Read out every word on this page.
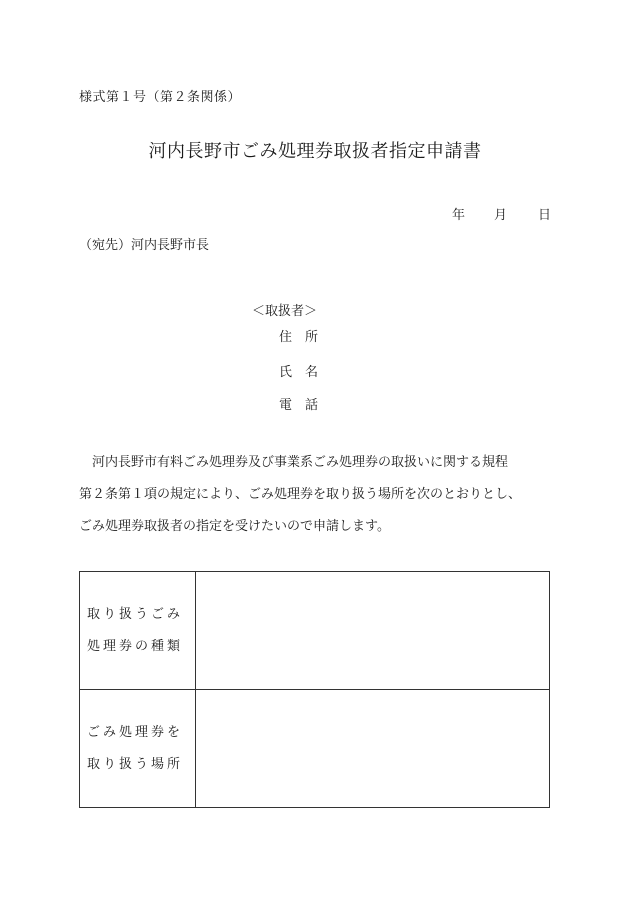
様式第１号（第２条関係）
河内長野市ごみ処理券取扱者指定申請書
年 月 日
（宛先）河内長野市長
＜取扱者＞
住　所
氏　名
電　話
河内長野市有料ごみ処理券及び事業系ごみ処理券の取扱いに関する規程
第２条第１項の規定により、ごみ処理券を取り扱う場所を次のとおりとし、
ごみ処理券取扱者の指定を受けたいので申請します。
取り扱うごみ
処理券の種類	

ごみ処理券を
取り扱う場所	
